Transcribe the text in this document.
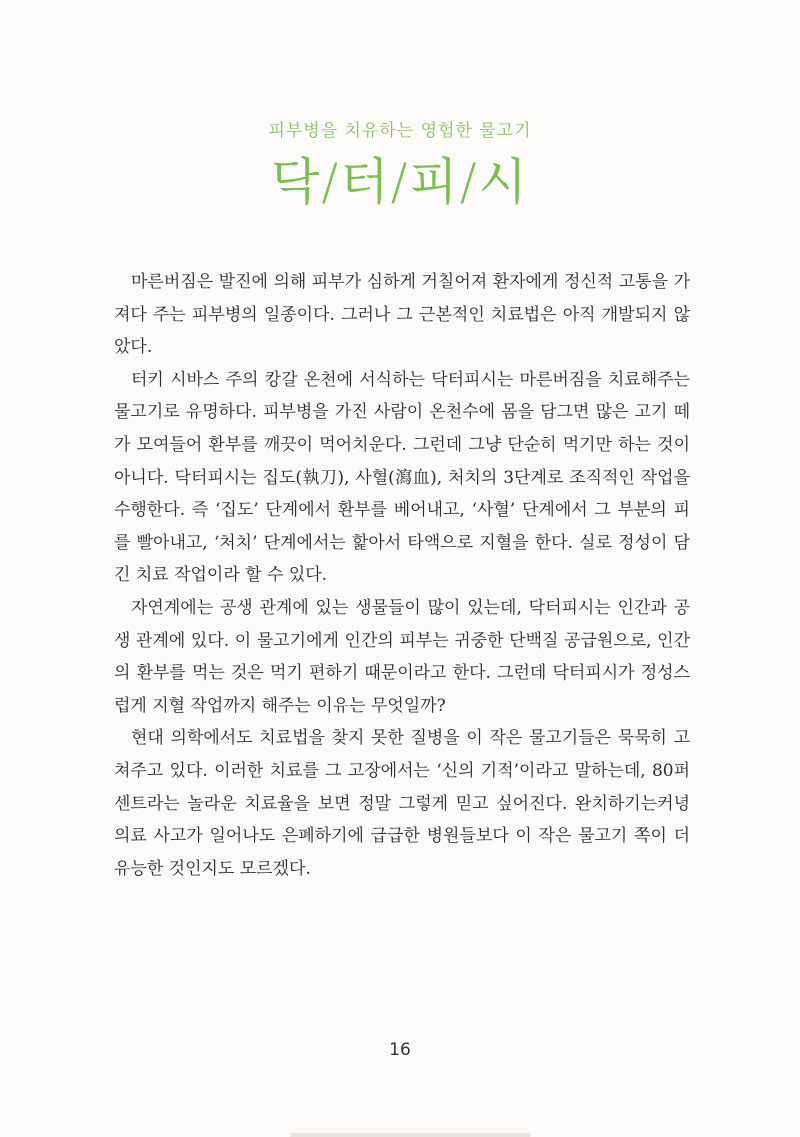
피부병을 치유하는 영험한 물고기
닥/터/피/시

마른버짐은 발진에 의해 피부가 심하게 거칠어져 환자에게 정신적 고통을 가져다 주는 피부병의 일종이다. 그러나 그 근본적인 치료법은 아직 개발되지 않았다.

터키 시바스 주의 캉갈 온천에 서식하는 닥터피시는 마른버짐을 치료해주는 물고기로 유명하다. 피부병을 가진 사람이 온천수에 몸을 담그면 많은 고기 떼가 모여들어 환부를 깨끗이 먹어치운다. 그런데 그냥 단순히 먹기만 하는 것이 아니다. 닥터피시는 집도(執刀), 사혈(瀉血), 처치의 3단계로 조직적인 작업을 수행한다. 즉 ‘집도’ 단계에서 환부를 베어내고, ‘사혈’ 단계에서 그 부분의 피를 빨아내고, ‘처치’ 단계에서는 핥아서 타액으로 지혈을 한다. 실로 정성이 담긴 치료 작업이라 할 수 있다.

자연계에는 공생 관계에 있는 생물들이 많이 있는데, 닥터피시는 인간과 공생 관계에 있다. 이 물고기에게 인간의 피부는 귀중한 단백질 공급원으로, 인간의 환부를 먹는 것은 먹기 편하기 때문이라고 한다. 그런데 닥터피시가 정성스럽게 지혈 작업까지 해주는 이유는 무엇일까?

현대 의학에서도 치료법을 찾지 못한 질병을 이 작은 물고기들은 묵묵히 고쳐주고 있다. 이러한 치료를 그 고장에서는 ‘신의 기적’이라고 말하는데, 80퍼센트라는 놀라운 치료율을 보면 정말 그렇게 믿고 싶어진다. 완치하기는커녕 의료 사고가 일어나도 은폐하기에 급급한 병원들보다 이 작은 물고기 쪽이 더 유능한 것인지도 모르겠다.

16
